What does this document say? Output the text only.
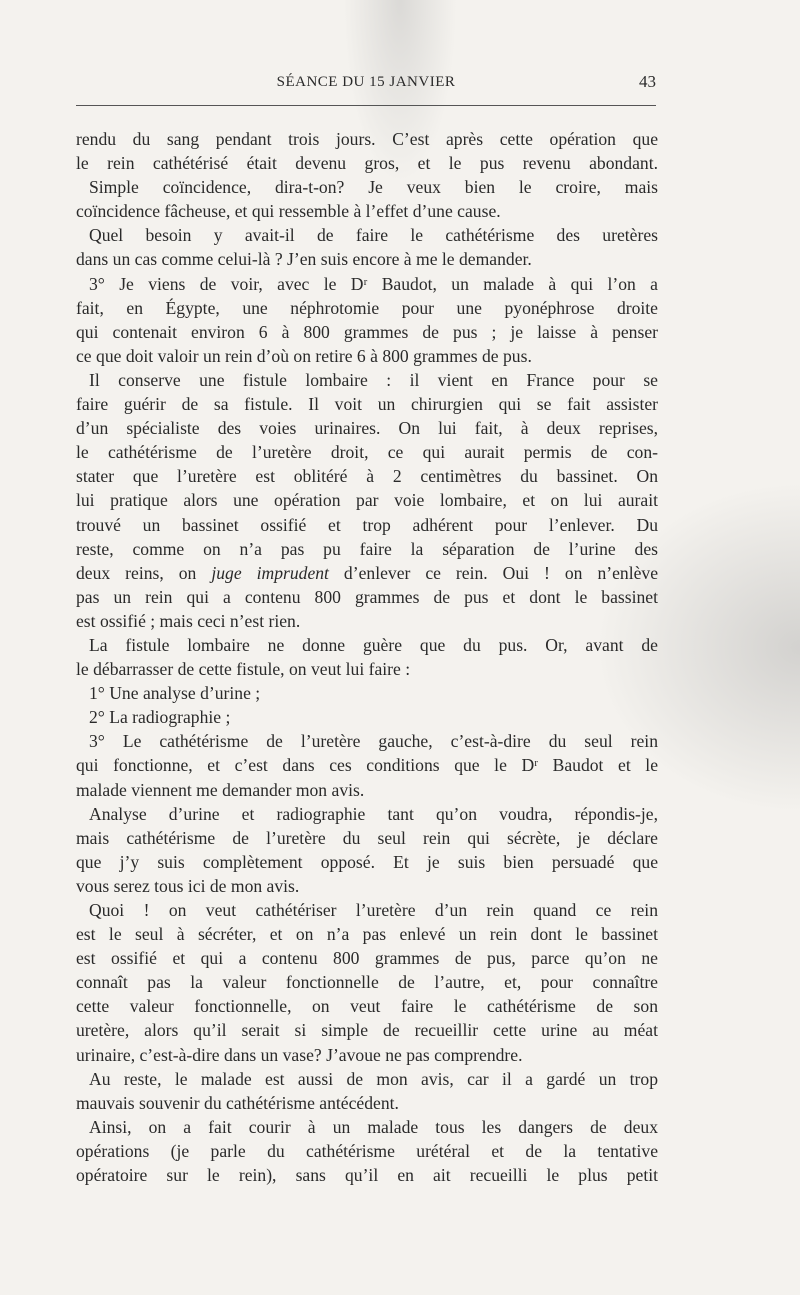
SÉANCE DU 15 JANVIER	43
rendu du sang pendant trois jours. C’est après cette opération que
le rein cathétérisé était devenu gros, et le pus revenu abondant.
Simple coïncidence, dira-t-on? Je veux bien le croire, mais
coïncidence fâcheuse, et qui ressemble à l’effet d’une cause.
Quel besoin y avait-il de faire le cathétérisme des uretères
dans un cas comme celui-là ? J’en suis encore à me le demander.
3° Je viens de voir, avec le Dʳ Baudot, un malade à qui l’on a
fait, en Égypte, une néphrotomie pour une pyonéphrose droite
qui contenait environ 6 à 800 grammes de pus ; je laisse à penser
ce que doit valoir un rein d’où on retire 6 à 800 grammes de pus.
Il conserve une fistule lombaire : il vient en France pour se
faire guérir de sa fistule. Il voit un chirurgien qui se fait assister
d’un spécialiste des voies urinaires. On lui fait, à deux reprises,
le cathétérisme de l’uretère droit, ce qui aurait permis de con-
stater que l’uretère est oblitéré à 2 centimètres du bassinet. On
lui pratique alors une opération par voie lombaire, et on lui aurait
trouvé un bassinet ossifié et trop adhérent pour l’enlever. Du
reste, comme on n’a pas pu faire la séparation de l’urine des
deux reins, on juge imprudent d’enlever ce rein. Oui ! on n’enlève
pas un rein qui a contenu 800 grammes de pus et dont le bassinet
est ossifié ; mais ceci n’est rien.
La fistule lombaire ne donne guère que du pus. Or, avant de
le débarrasser de cette fistule, on veut lui faire :
1° Une analyse d’urine ;
2° La radiographie ;
3° Le cathétérisme de l’uretère gauche, c’est-à-dire du seul rein
qui fonctionne, et c’est dans ces conditions que le Dʳ Baudot et le
malade viennent me demander mon avis.
Analyse d’urine et radiographie tant qu’on voudra, répondis-je,
mais cathétérisme de l’uretère du seul rein qui sécrète, je déclare
que j’y suis complètement opposé. Et je suis bien persuadé que
vous serez tous ici de mon avis.
Quoi ! on veut cathétériser l’uretère d’un rein quand ce rein
est le seul à sécréter, et on n’a pas enlevé un rein dont le bassinet
est ossifié et qui a contenu 800 grammes de pus, parce qu’on ne
connaît pas la valeur fonctionnelle de l’autre, et, pour connaître
cette valeur fonctionnelle, on veut faire le cathétérisme de son
uretère, alors qu’il serait si simple de recueillir cette urine au méat
urinaire, c’est-à-dire dans un vase? J’avoue ne pas comprendre.
Au reste, le malade est aussi de mon avis, car il a gardé un trop
mauvais souvenir du cathétérisme antécédent.
Ainsi, on a fait courir à un malade tous les dangers de deux
opérations (je parle du cathétérisme urétéral et de la tentative
opératoire sur le rein), sans qu’il en ait recueilli le plus petit
